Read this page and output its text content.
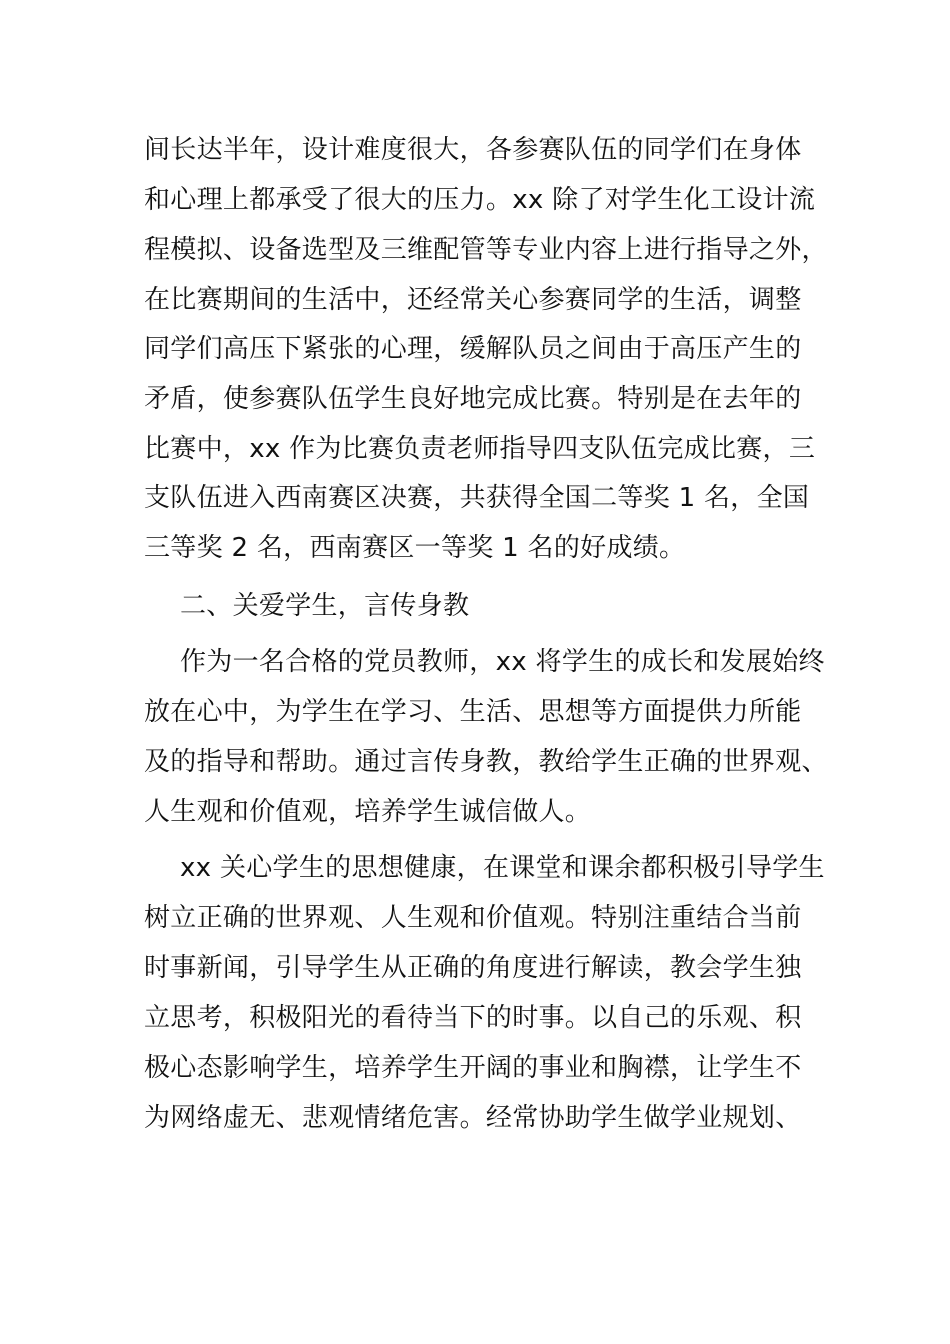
间长达半年，设计难度很大，各参赛队伍的同学们在身体
和心理上都承受了很大的压力。xx 除了对学生化工设计流
程模拟、设备选型及三维配管等专业内容上进行指导之外，
在比赛期间的生活中，还经常关心参赛同学的生活，调整
同学们高压下紧张的心理，缓解队员之间由于高压产生的
矛盾，使参赛队伍学生良好地完成比赛。特别是在去年的
比赛中，xx 作为比赛负责老师指导四支队伍完成比赛，三
支队伍进入西南赛区决赛，共获得全国二等奖 1 名，全国
三等奖 2 名，西南赛区一等奖 1 名的好成绩。
二、关爱学生，言传身教
作为一名合格的党员教师，xx 将学生的成长和发展始终
放在心中，为学生在学习、生活、思想等方面提供力所能
及的指导和帮助。通过言传身教，教给学生正确的世界观、
人生观和价值观，培养学生诚信做人。
xx 关心学生的思想健康，在课堂和课余都积极引导学生
树立正确的世界观、人生观和价值观。特别注重结合当前
时事新闻，引导学生从正确的角度进行解读，教会学生独
立思考，积极阳光的看待当下的时事。以自己的乐观、积
极心态影响学生，培养学生开阔的事业和胸襟，让学生不
为网络虚无、悲观情绪危害。经常协助学生做学业规划、
